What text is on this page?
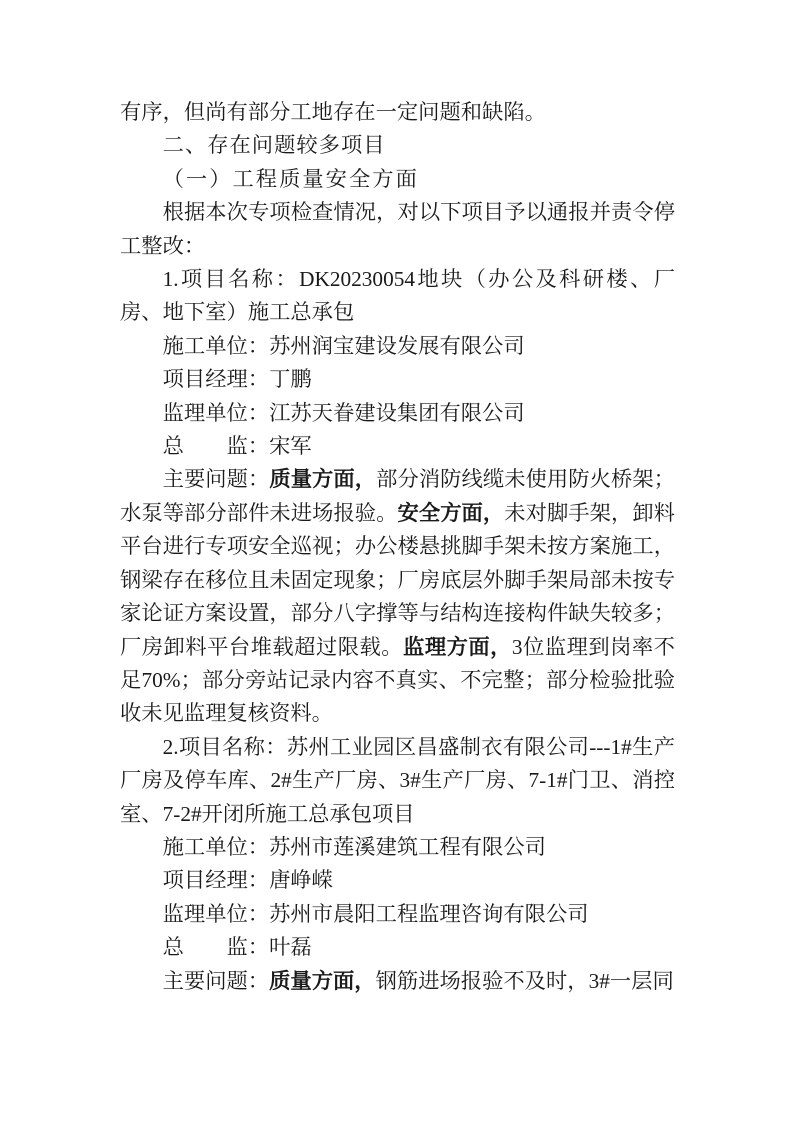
有序，但尚有部分工地存在一定问题和缺陷。

二、存在问题较多项目
（一）工程质量安全方面

根据本次专项检查情况，对以下项目予以通报并责令停工整改：

1.项目名称：DK20230054地块（办公及科研楼、厂房、地下室）施工总承包

施工单位：苏州润宝建设发展有限公司

项目经理：丁鹏

监理单位：江苏天眷建设集团有限公司

总　　监：宋军

主要问题：质量方面，部分消防线缆未使用防火桥架；水泵等部分部件未进场报验。安全方面，未对脚手架，卸料平台进行专项安全巡视；办公楼悬挑脚手架未按方案施工，钢梁存在移位且未固定现象；厂房底层外脚手架局部未按专家论证方案设置，部分八字撑等与结构连接构件缺失较多；厂房卸料平台堆载超过限载。监理方面，3位监理到岗率不足70%；部分旁站记录内容不真实、不完整；部分检验批验收未见监理复核资料。

2.项目名称：苏州工业园区昌盛制衣有限公司---1#生产厂房及停车库、2#生产厂房、3#生产厂房、7-1#门卫、消控室、7-2#开闭所施工总承包项目

施工单位：苏州市莲溪建筑工程有限公司

项目经理：唐峥嵘

监理单位：苏州市晨阳工程监理咨询有限公司

总　　监：叶磊

主要问题：质量方面，钢筋进场报验不及时，3#一层同
